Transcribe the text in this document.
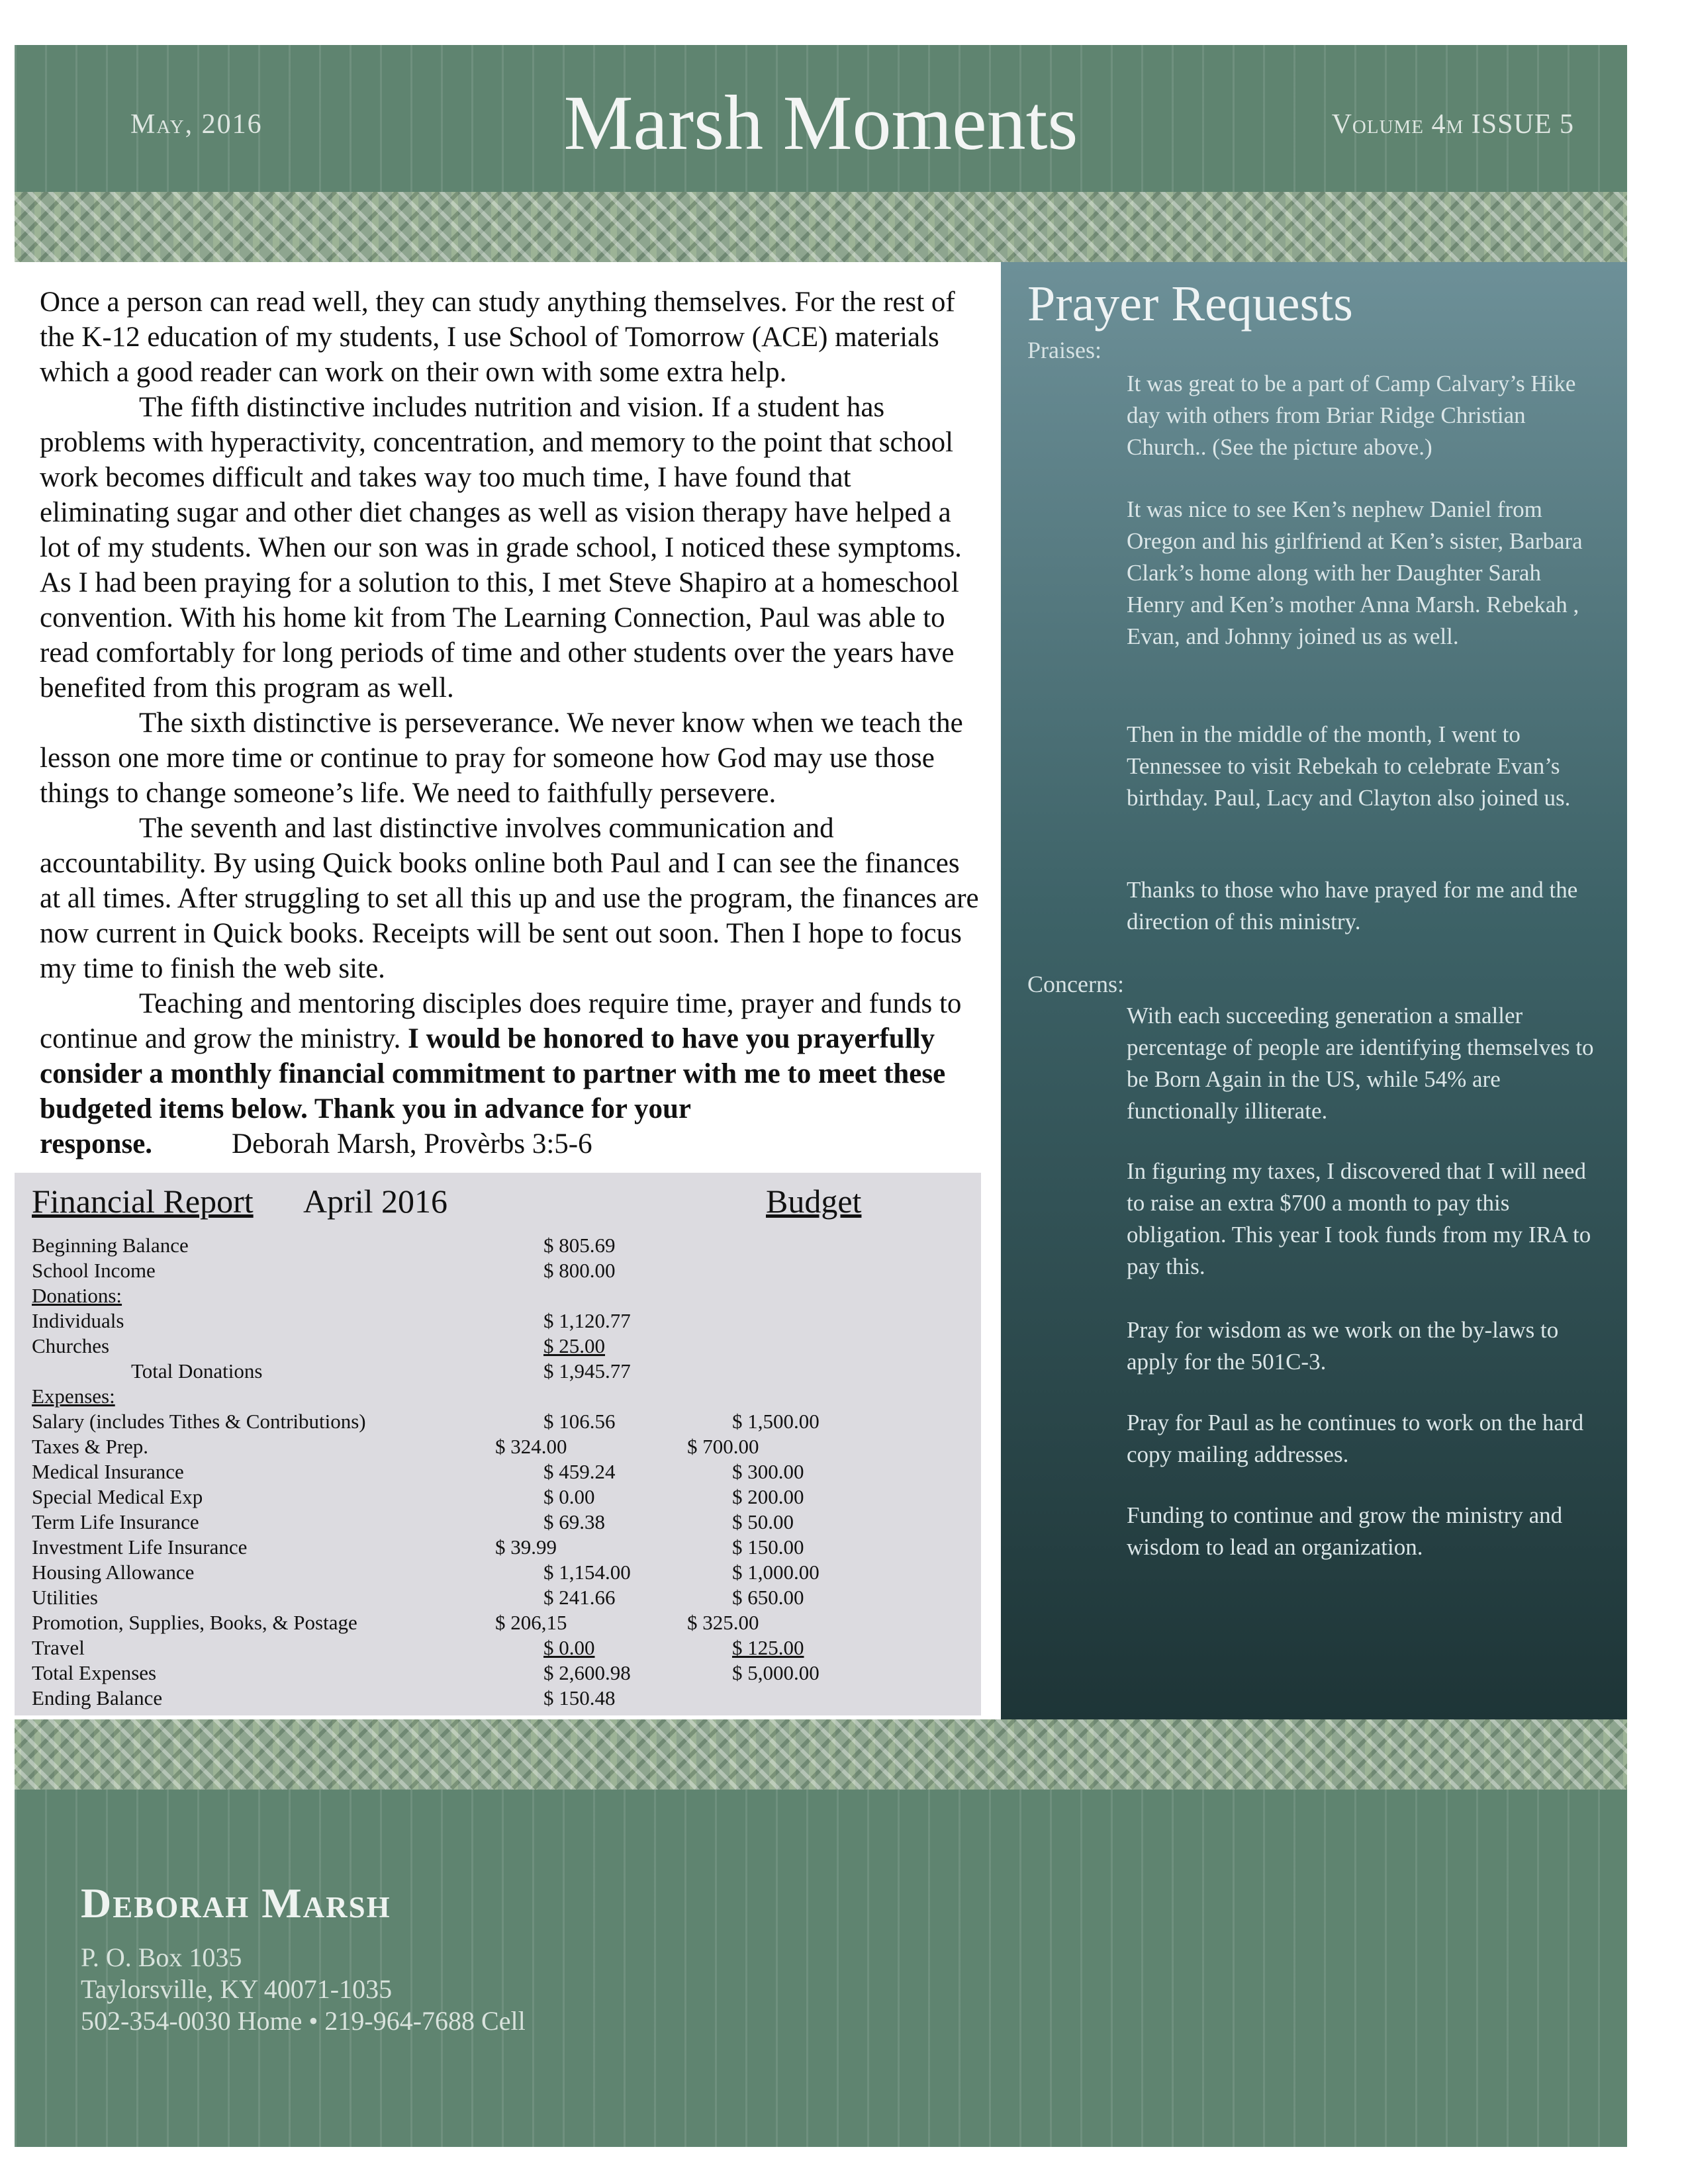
May, 2016	Marsh Moments	Volume 4m ISSUE 5

Once a person can read well, they can study anything themselves. For the rest of the K-12 education of my students, I use School of Tomorrow (ACE) materials which a good reader can work on their own with some extra help.

The fifth distinctive includes nutrition and vision. If a student has problems with hyperactivity, concentration, and memory to the point that school work becomes difficult and takes way too much time, I have found that eliminating sugar and other diet changes as well as vision therapy have helped a lot of my students. When our son was in grade school, I noticed these symptoms. As I had been praying for a solution to this, I met Steve Shapiro at a homeschool convention. With his home kit from The Learning Connection, Paul was able to read comfortably for long periods of time and other students over the years have benefited from this program as well.

The sixth distinctive is perseverance. We never know when we teach the lesson one more time or continue to pray for someone how God may use those things to change someone’s life. We need to faithfully persevere.

The seventh and last distinctive involves communication and accountability. By using Quick books online both Paul and I can see the finances at all times. After struggling to set all this up and use the program, the finances are now current in Quick books. Receipts will be sent out soon. Then I hope to focus my time to finish the web site.

Teaching and mentoring disciples does require time, prayer and funds to continue and grow the ministry. I would be honored to have you prayerfully consider a monthly financial commitment to partner with me to meet these budgeted items below. Thank you in advance for your response.	Deborah Marsh, Provèrbs 3:5-6

Financial Report April 2016	Budget
Beginning Balance	$ 805.69
School Income	$ 800.00
Donations:
Individuals	$ 1,120.77
Churches	$ 25.00
Total Donations	$ 1,945.77
Expenses:
Salary (includes Tithes & Contributions)	$ 106.56	$ 1,500.00
Taxes & Prep.	$ 324.00	$ 700.00
Medical Insurance	$ 459.24	$ 300.00
Special Medical Exp	$ 0.00	$ 200.00
Term Life Insurance	$ 69.38	$ 50.00
Investment Life Insurance	$ 39.99	$ 150.00
Housing Allowance	$ 1,154.00	$ 1,000.00
Utilities	$ 241.66	$ 650.00
Promotion, Supplies, Books, & Postage	$ 206,15	$ 325.00
Travel	$ 0.00	$ 125.00
Total Expenses	$ 2,600.98	$ 5,000.00
Ending Balance	$ 150.48
Prayer Requests
Praises:
It was great to be a part of Camp Calvary’s Hike day with others from Briar Ridge Christian Church.. (See the picture above.)
It was nice to see Ken’s nephew Daniel from Oregon and his girlfriend at Ken’s sister, Barbara Clark’s home along with her Daughter Sarah Henry and Ken’s mother Anna Marsh. Rebekah , Evan, and Johnny joined us as well.
Then in the middle of the month, I went to Tennessee to visit Rebekah to celebrate Evan’s birthday. Paul, Lacy and Clayton also joined us.
Thanks to those who have prayed for me and the direction of this ministry.
Concerns:
With each succeeding generation a smaller percentage of people are identifying themselves to be Born Again in the US, while 54% are functionally illiterate.
In figuring my taxes, I discovered that I will need to raise an extra $700 a month to pay this obligation. This year I took funds from my IRA to pay this.
Pray for wisdom as we work on the by-laws to apply for the 501C-3.
Pray for Paul as he continues to work on the hard copy mailing addresses.
Funding to continue and grow the ministry and wisdom to lead an organization.
Deborah Marsh
P. O. Box 1035
Taylorsville, KY 40071-1035
502-354-0030 Home • 219-964-7688 Cell
